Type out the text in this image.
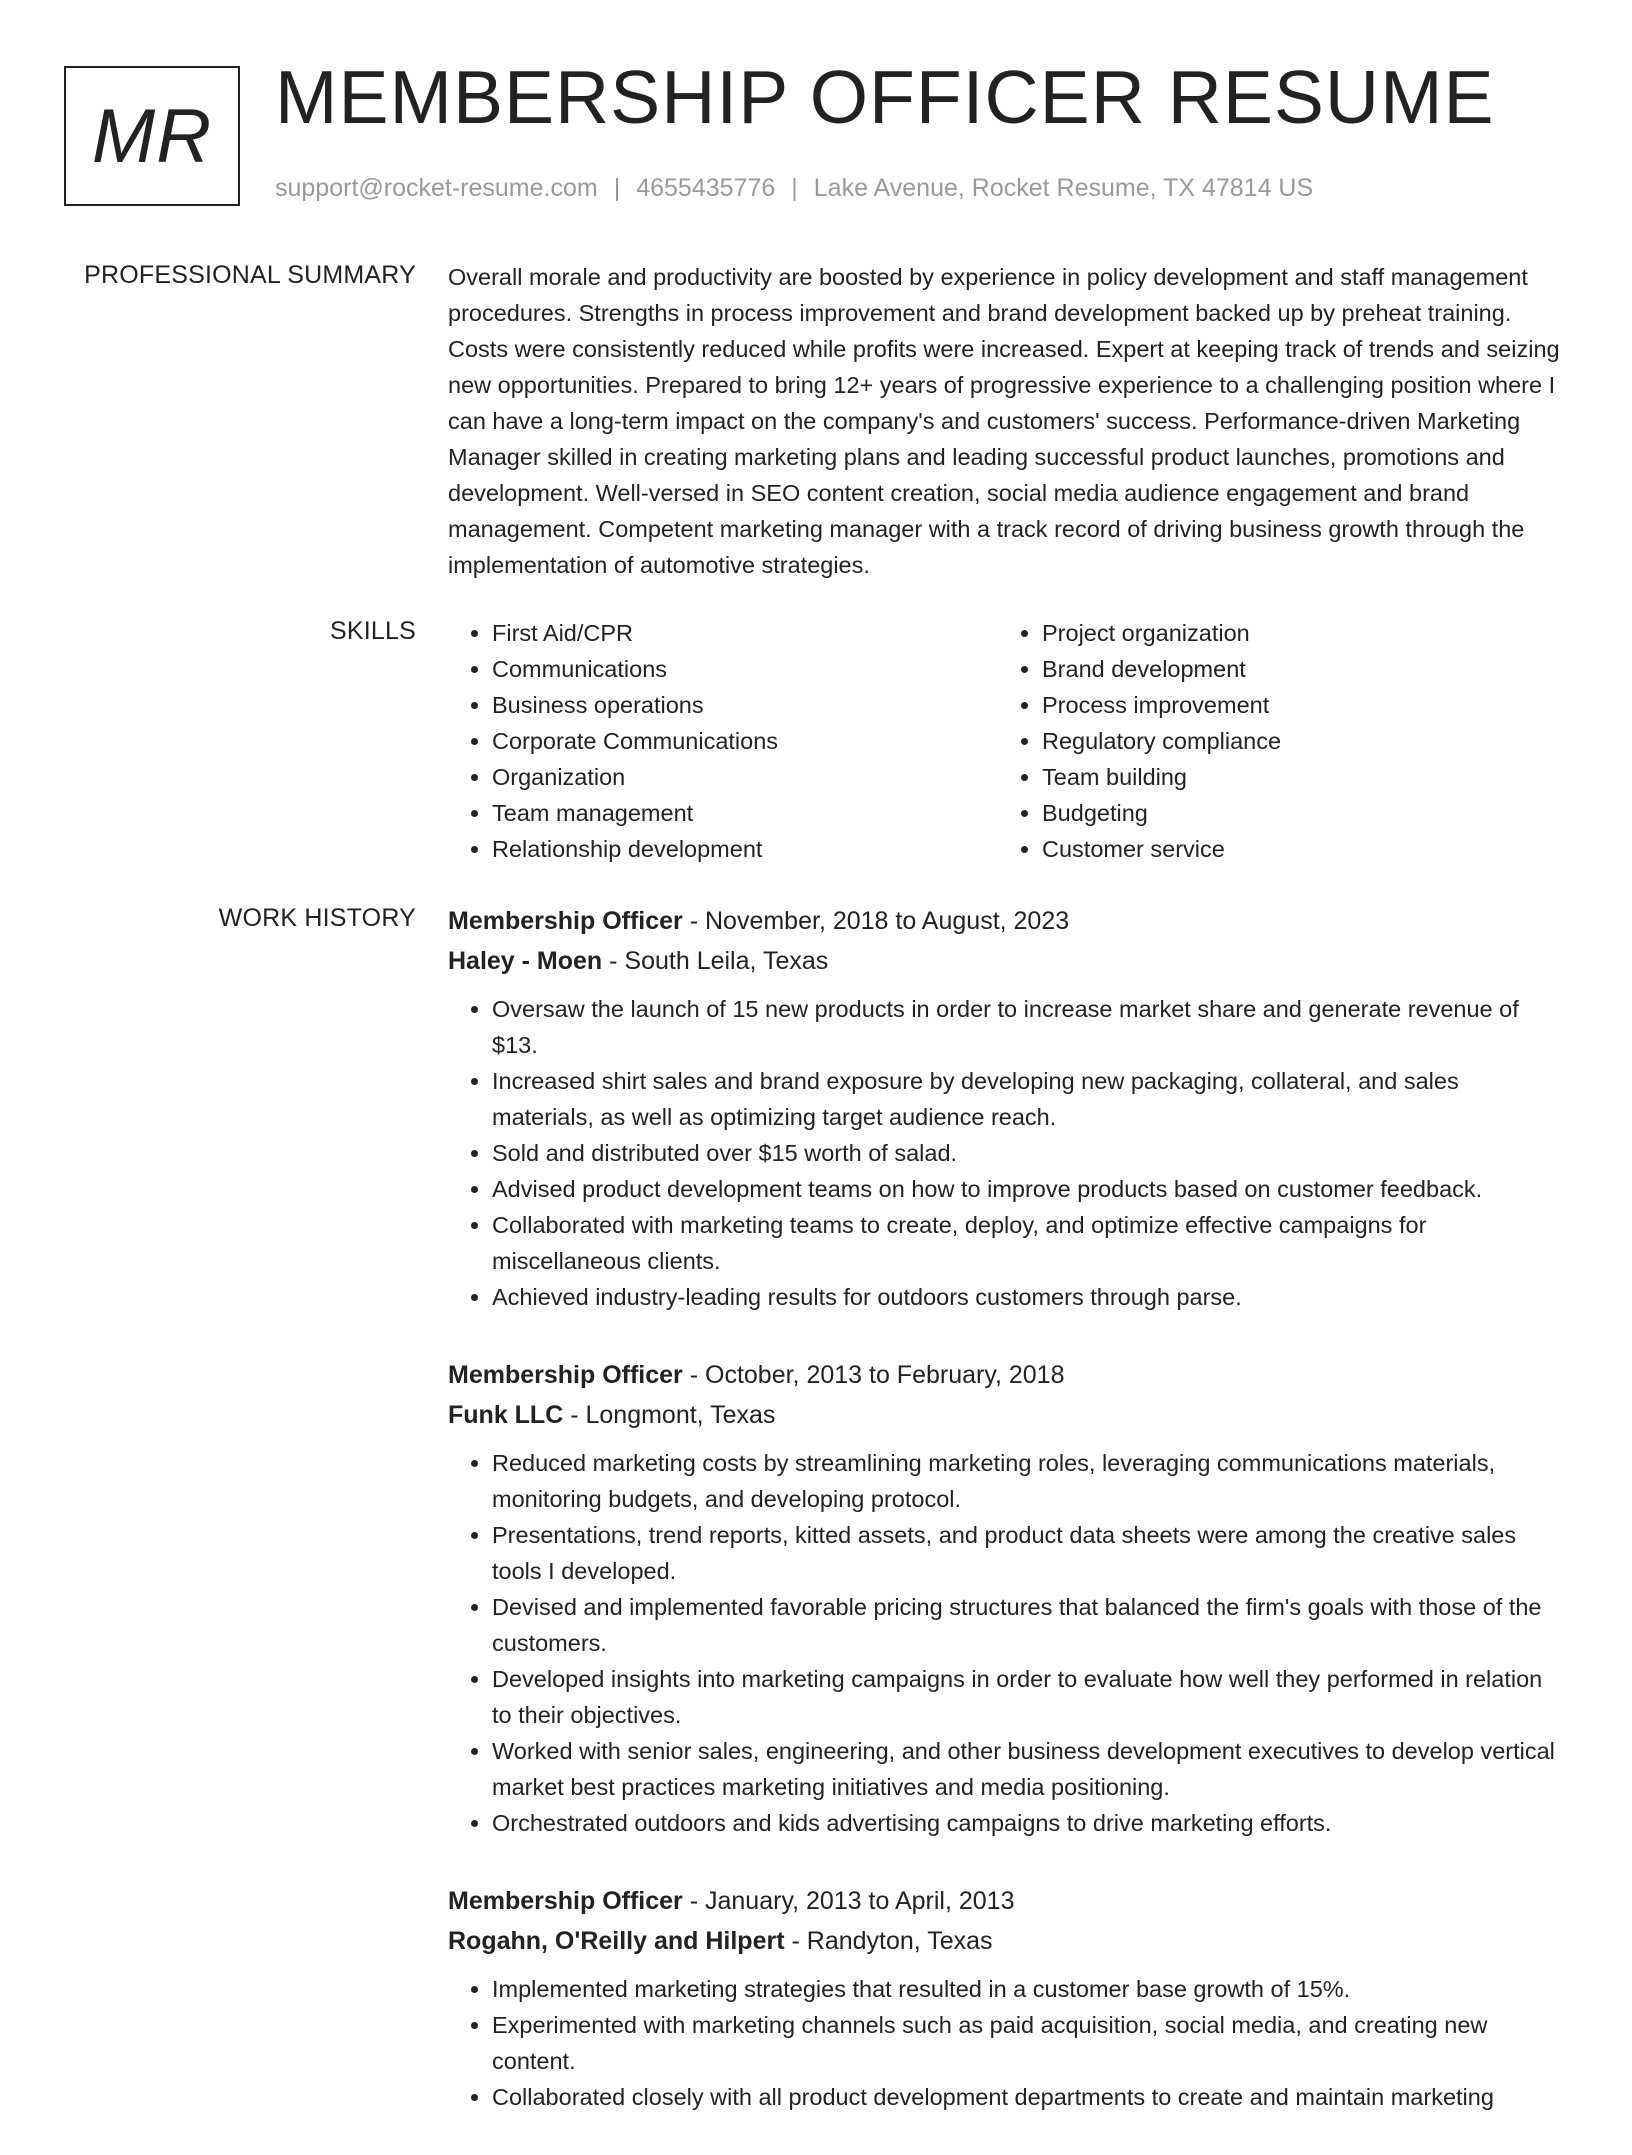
MR MEMBERSHIP OFFICER RESUME
support@rocket-resume.com | 4655435776 | Lake Avenue, Rocket Resume, TX 47814 US
PROFESSIONAL SUMMARY Overall morale and productivity are boosted by experience in policy development and staff management procedures. Strengths in process improvement and brand development backed up by preheat training. Costs were consistently reduced while profits were increased. Expert at keeping track of trends and seizing new opportunities. Prepared to bring 12+ years of progressive experience to a challenging position where I can have a long-term impact on the company's and customers' success. Performance-driven Marketing Manager skilled in creating marketing plans and leading successful product launches, promotions and development. Well-versed in SEO content creation, social media audience engagement and brand management. Competent marketing manager with a track record of driving business growth through the implementation of automotive strategies.

SKILLS
•	First Aid/CPR
• Communications
• Business operations
• Corporate Communications
• Organization
• Team management
• Relationship development
• Project organization
• Brand development
• Process improvement
• Regulatory compliance
• Team building
• Budgeting
• Customer service
WORK HISTORY Membership Officer - November, 2018 to August, 2023
Haley - Moen - South Leila, Texas
• Oversaw the launch of 15 new products in order to increase market share and generate revenue of $13.
• Increased shirt sales and brand exposure by developing new packaging, collateral, and sales materials, as well as optimizing target audience reach.
• Sold and distributed over $15 worth of salad.
• Advised product development teams on how to improve products based on customer feedback.
• Collaborated with marketing teams to create, deploy, and optimize effective campaigns for miscellaneous clients.
• Achieved industry-leading results for outdoors customers through parse.
Membership Officer - October, 2013 to February, 2018
Funk LLC - Longmont, Texas
• Reduced marketing costs by streamlining marketing roles, leveraging communications materials, monitoring budgets, and developing protocol.
• Presentations, trend reports, kitted assets, and product data sheets were among the creative sales tools I developed.
• Devised and implemented favorable pricing structures that balanced the firm's goals with those of the customers.
• Developed insights into marketing campaigns in order to evaluate how well they performed in relation to their objectives.
• Worked with senior sales, engineering, and other business development executives to develop vertical market best practices marketing initiatives and media positioning.
• Orchestrated outdoors and kids advertising campaigns to drive marketing efforts.
Membership Officer - January, 2013 to April, 2013
Rogahn, O'Reilly and Hilpert - Randyton, Texas
• Implemented marketing strategies that resulted in a customer base growth of 15%.
• Experimented with marketing channels such as paid acquisition, social media, and creating new content.
• Collaborated closely with all product development departments to create and maintain marketing
